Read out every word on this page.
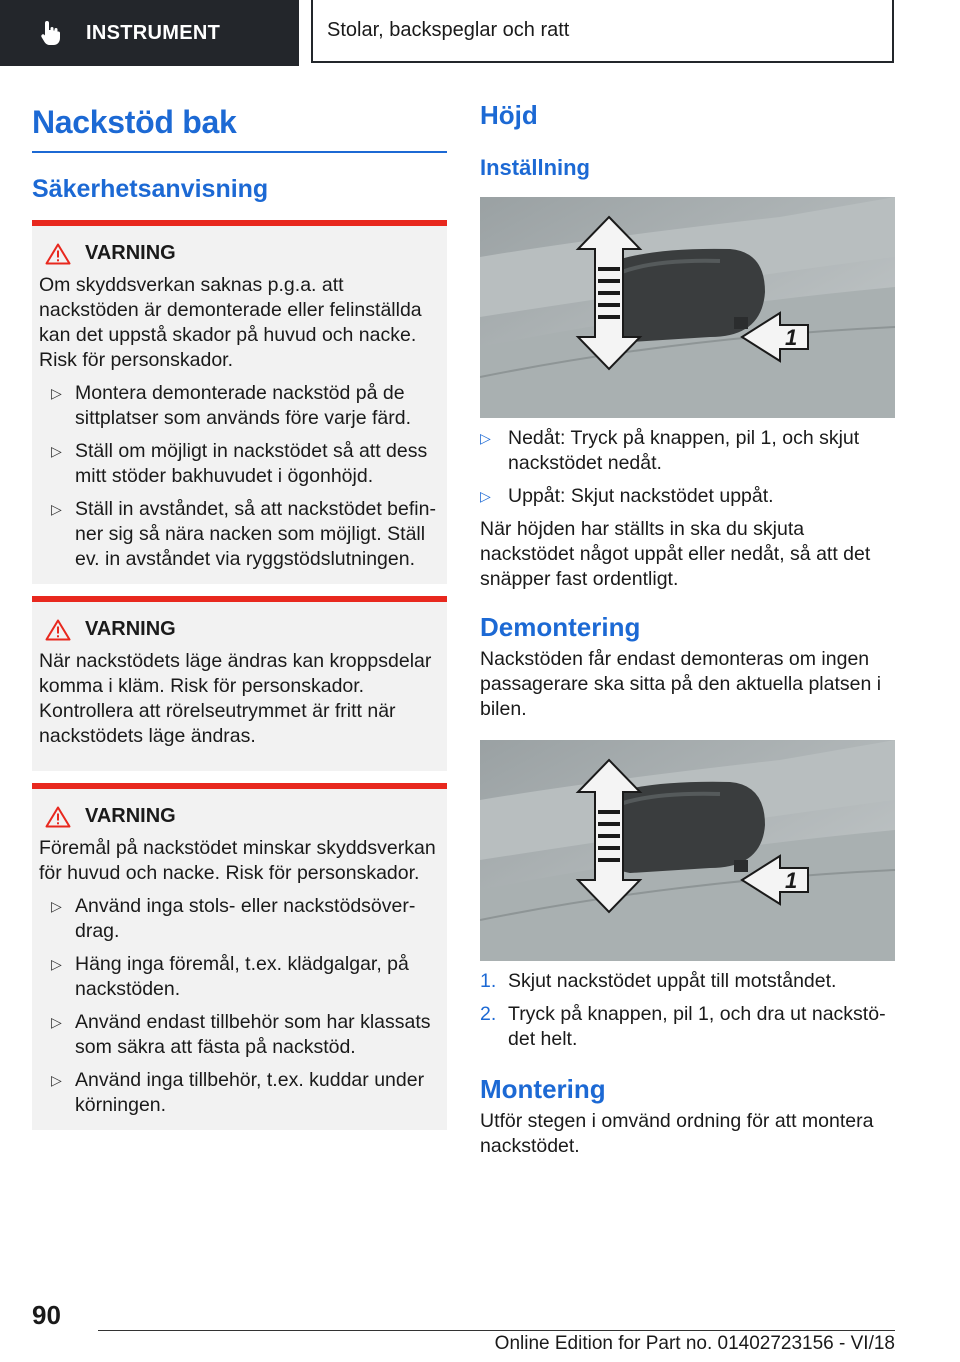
INSTRUMENT	Stolar, backspeglar och ratt
Nackstöd bak
Säkerhetsanvisning
VARNING

Om skyddsverkan saknas p.g.a. att nackstöden är demonterade eller felinställda kan det uppstå skador på huvud och nacke. Risk för personskador.

▷ Montera demonterade nackstöd på de sittplatser som används före varje färd.
▷ Ställ om möjligt in nackstödet så att dess mitt stöder bakhuvudet i ögonhöjd.
▷ Ställ in avståndet, så att nackstödet befinner sig så nära nacken som möjligt. Ställ ev. in avståndet via ryggstödslutningen.
VARNING

När nackstödets läge ändras kan kroppsdelar komma i kläm. Risk för personskador. Kontrollera att rörelseutrymmet är fritt när nackstödets läge ändras.

VARNING

Föremål på nackstödet minskar skyddsverkan för huvud och nacke. Risk för personskador.

▷ Använd inga stols- eller nackstödsöverdrag.
▷ Häng inga föremål, t.ex. klädgalgar, på nackstöden.
▷ Använd endast tillbehör som har klassats som säkra att fästa på nackstöd.
▷ Använd inga tillbehör, t.ex. kuddar under körningen.
Höjd
Inställning
1
▷ Nedåt: Tryck på knappen, pil 1, och skjut nackstödet nedåt.
▷ Uppåt: Skjut nackstödet uppåt.

När höjden har ställts in ska du skjuta nackstödet något uppåt eller nedåt, så att det snäpper fast ordentligt.

Demontering

Nackstöden får endast demonteras om ingen passagerare ska sitta på den aktuella platsen i bilen.

1
1. Skjut nackstödet uppåt till motståndet.
2. Tryck på knappen, pil 1, och dra ut nackstödet helt.
Montering

Utför stegen i omvänd ordning för att montera nackstödet.

90
Online Edition for Part no. 01402723156 - VI/18
